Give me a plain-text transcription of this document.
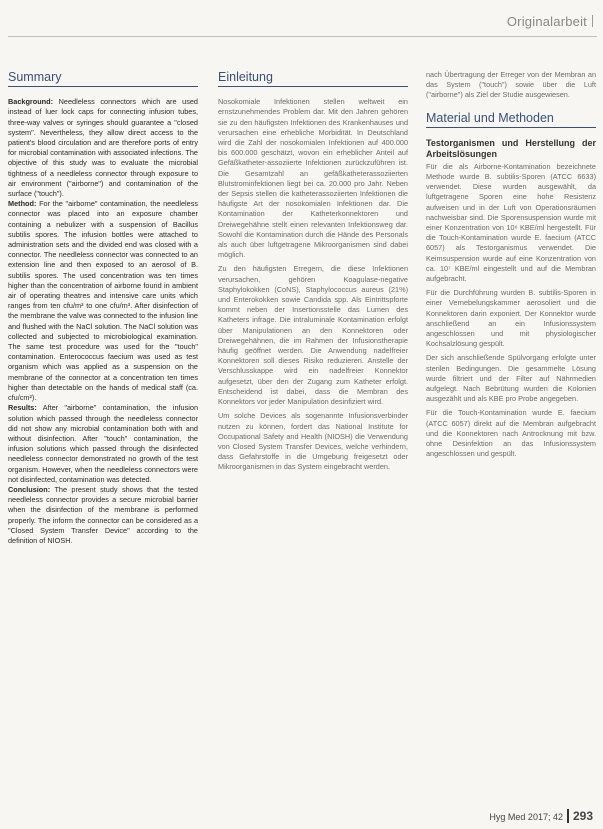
Originalarbeit
Summary

Background: Needleless connectors which are used instead of luer lock caps for connecting infusion tubes, three-way valves or syringes should guarantee a "closed system". Nevertheless, they allow direct access to the patient's blood circulation and are therefore ports of entry for microbial contamination with associated infections. The objective of this study was to evaluate the microbial tightness of a needleless connector through exposure to air environment ("airborne") and contamination of the surface ("touch").

Method: For the "airborne" contamination, the needleless connector was placed into an exposure chamber containing a nebulizer with a suspension of Bacillus subtilis spores. The infusion bottles were attached to administration sets and the divided end was closed with a connector. The needleless connector was connected to an extension line and then exposed to an aerosol of B. subtilis spores. The used concentration was ten times higher than the concentration of airborne found in ambient air of operating theatres and intensive care units which ranges from ten cfu/m³ to one cfu/m³. After disinfection of the membrane the valve was connected to the infusion line and flushed with the NaCl solution. The NaCl solution was collected and subjected to microbiological examination. The same test procedure was used for the "touch" contamination. Enterococcus faecium was used as test organism which was applied as a suspension on the membrane of the connector at a concentration ten times higher than detectable on the hands of medical staff (ca. cfu/cm²).

Results: After "airborne" contamination, the infusion solution which passed through the needleless connector did not show any microbial contamination both with and without disinfection. After "touch" contamination, the infusion solutions which passed through the disinfected needleless connector demonstrated no growth of the test organism. However, when the needleless connectors were not disinfected, contamination was detected.

Conclusion: The present study shows that the tested needleless connector provides a secure microbial barrier when the disinfection of the membrane is performed properly. The inform the connector can be considered as a "Closed System Transfer Device" according to the definition of NIOSH.

Einleitung

Nosokomiale Infektionen stellen weltweit ein ernstzunehmendes Problem dar. Mit den Jahren gehören sie zu den häufigsten Infektionen des Krankenhauses und verursachen eine erhebliche Morbidität. In Deutschland wird die Zahl der nosokomialen Infektionen auf 400.000 bis 600.000 geschätzt, wovon ein erheblicher Anteil auf Gefäßkatheter-assoziierte Infektionen zurückzuführen ist. Die Gesamtzahl an gefäßkatheterassoziierten Blutstrominfektionen liegt bei ca. 20.000 pro Jahr. Neben der Sepsis stellen die katheterassoziierten Infektionen die häufigste Art der nosokomialen Infektionen dar. Die Kontamination der Katheterkonnektoren und Dreiwegehähne stellt einen relevanten Infektionsweg dar. Sowohl die Kontamination durch die Hände des Personals als auch über luftgetragene Mikroorganismen sind dabei möglich.

Zu den häufigsten Erregern, die diese Infektionen verursachen, gehören Koagulase-negative Staphylokokken (CoNS), Staphylococcus aureus (21%) und Enterokokken sowie Candida spp. Als Eintrittspforte kommt neben der Insertionsstelle das Lumen des Katheters infrage. Die intraluminale Kontamination erfolgt über Manipulationen an den Konnektoren oder Dreiwegehähnen, die im Rahmen der Infusionstherapie häufig geöffnet werden. Die Anwendung nadelfreier Konnektoren soll dieses Risiko reduzieren. Anstelle der Verschlusskappe wird ein nadelfreier Konnektor aufgesetzt, über den der Zugang zum Katheter erfolgt. Entscheidend ist dabei, dass die Membran des Konnektors vor jeder Manipulation desinfiziert wird.

Um solche Devices als sogenannte Infusionsverbinder nutzen zu können, fordert das National Institute for Occupational Safety and Health (NIOSH) die Verwendung von Closed System Transfer Devices, welche verhindern, dass Gefahrstoffe in die Umgebung freigesetzt oder Mikroorganismen in das System eingebracht werden.

nach Übertragung der Erreger von der Membran an das System ("touch") sowie über die Luft ("airborne") als Ziel der Studie ausgewiesen.

Material und Methoden
Testorganismen und Herstellung der Arbeitslösungen

Für die als Airborne-Kontamination bezeichnete Methode wurde B. subtilis-Sporen (ATCC 6633) verwendet. Diese wurden ausgewählt, da luftgetragene Sporen eine hohe Resistenz aufweisen und in der Luft von Operationsräumen nachweisbar sind. Die Sporensuspension wurde mit einer Konzentration von 10⁶ KBE/ml hergestellt. Für die Touch-Kontamination wurde E. faecium (ATCC 6057) als Testorganismus verwendet. Die Keimsuspension wurde auf eine Konzentration von ca. 10⁷ KBE/ml eingestellt und auf die Membran aufgebracht.

Für die Durchführung wurden B. subtilis-Sporen in einer Vernebelungskammer aerosoliert und die Konnektoren darin exponiert. Der Konnektor wurde anschließend an ein Infusionssystem angeschlossen und mit physiologischer Kochsalzlösung gespült.

Der sich anschließende Spülvorgang erfolgte unter sterilen Bedingungen. Die gesammelte Lösung wurde filtriert und der Filter auf Nährmedien aufgelegt. Nach Bebrütung wurden die Kolonien ausgezählt und als KBE pro Probe angegeben.

Für die Touch-Kontamination wurde E. faecium (ATCC 6057) direkt auf die Membran aufgebracht und die Konnektoren nach Antrocknung mit bzw. ohne Desinfektion an das Infusionssystem angeschlossen und gespült.

Hyg Med 2017; 42 293
